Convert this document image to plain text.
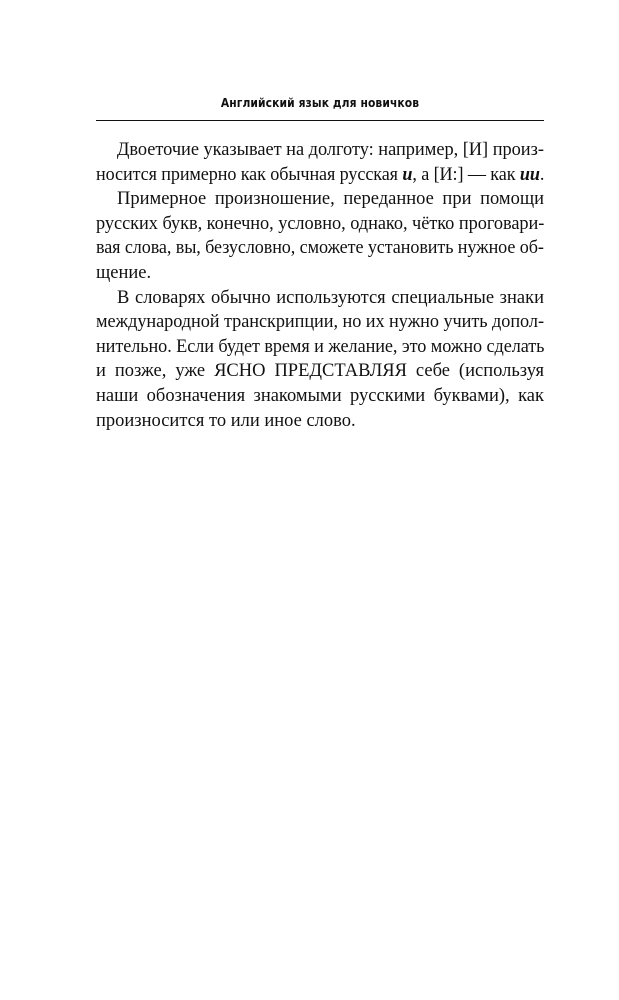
Английский язык для новичков

Двоеточие указывает на долготу: например, [И] произ-
носится примерно как обычная русская и, а [И:] — как ии.

Примерное произношение, переданное при помощи
русских букв, конечно, условно, однако, чётко проговари-
вая слова, вы, безусловно, сможете установить нужное об-
щение.

В словарях обычно используются специальные знаки
международной транскрипции, но их нужно учить допол-
нительно. Если будет время и желание, это можно сделать
и позже, уже ЯСНО ПРЕДСТАВЛЯЯ себе (используя
наши обозначения знакомыми русскими буквами), как
произносится то или иное слово.
